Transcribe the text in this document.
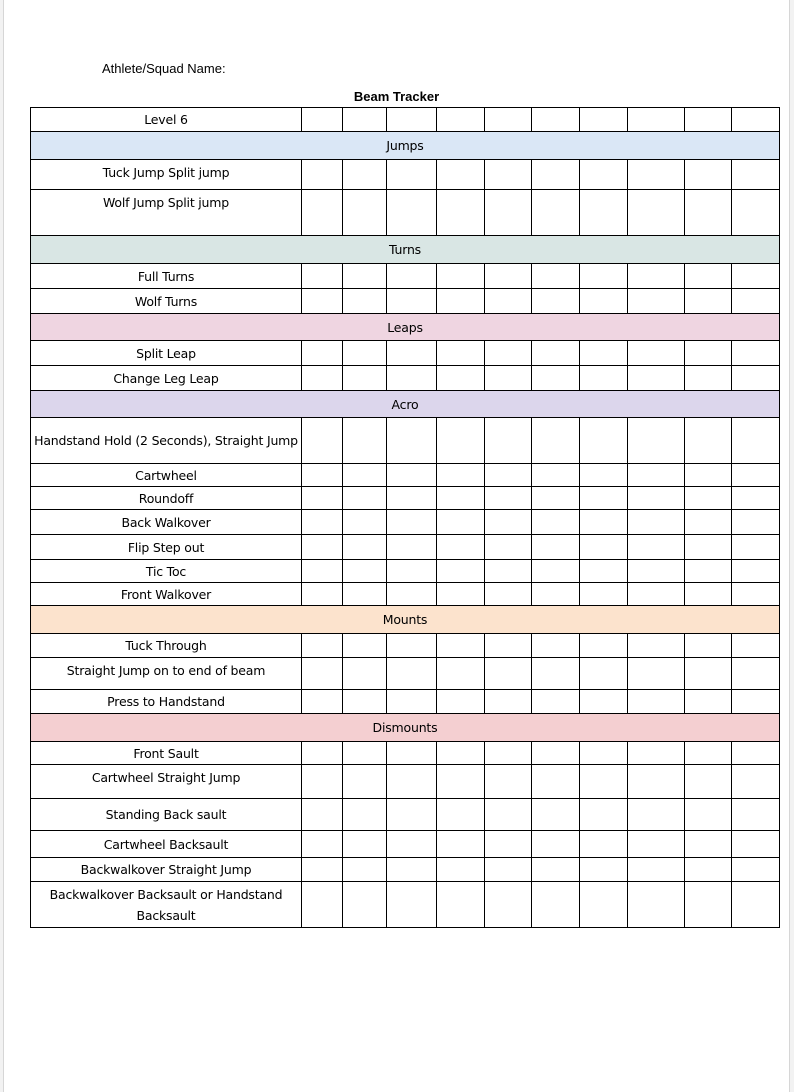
Athlete/Squad Name:
Beam Tracker
Level 6										
Jumps										
Tuck Jump Split jump										
Wolf Jump Split jump										
Turns										
Full Turns										
Wolf Turns										
Leaps										
Split Leap										
Change Leg Leap										
Acro										
Handstand Hold (2 Seconds), Straight Jump										
Cartwheel										
Roundoff										
Back Walkover										
Flip Step out										
Tic Toc										
Front Walkover										
Mounts										
Tuck Through										
Straight Jump on to end of beam										
Press to Handstand										
Dismounts										
Front Sault										
Cartwheel Straight Jump										
Standing Back sault										
Cartwheel Backsault										
Backwalkover Straight Jump										
Backwalkover Backsault or Handstand Backsault										
